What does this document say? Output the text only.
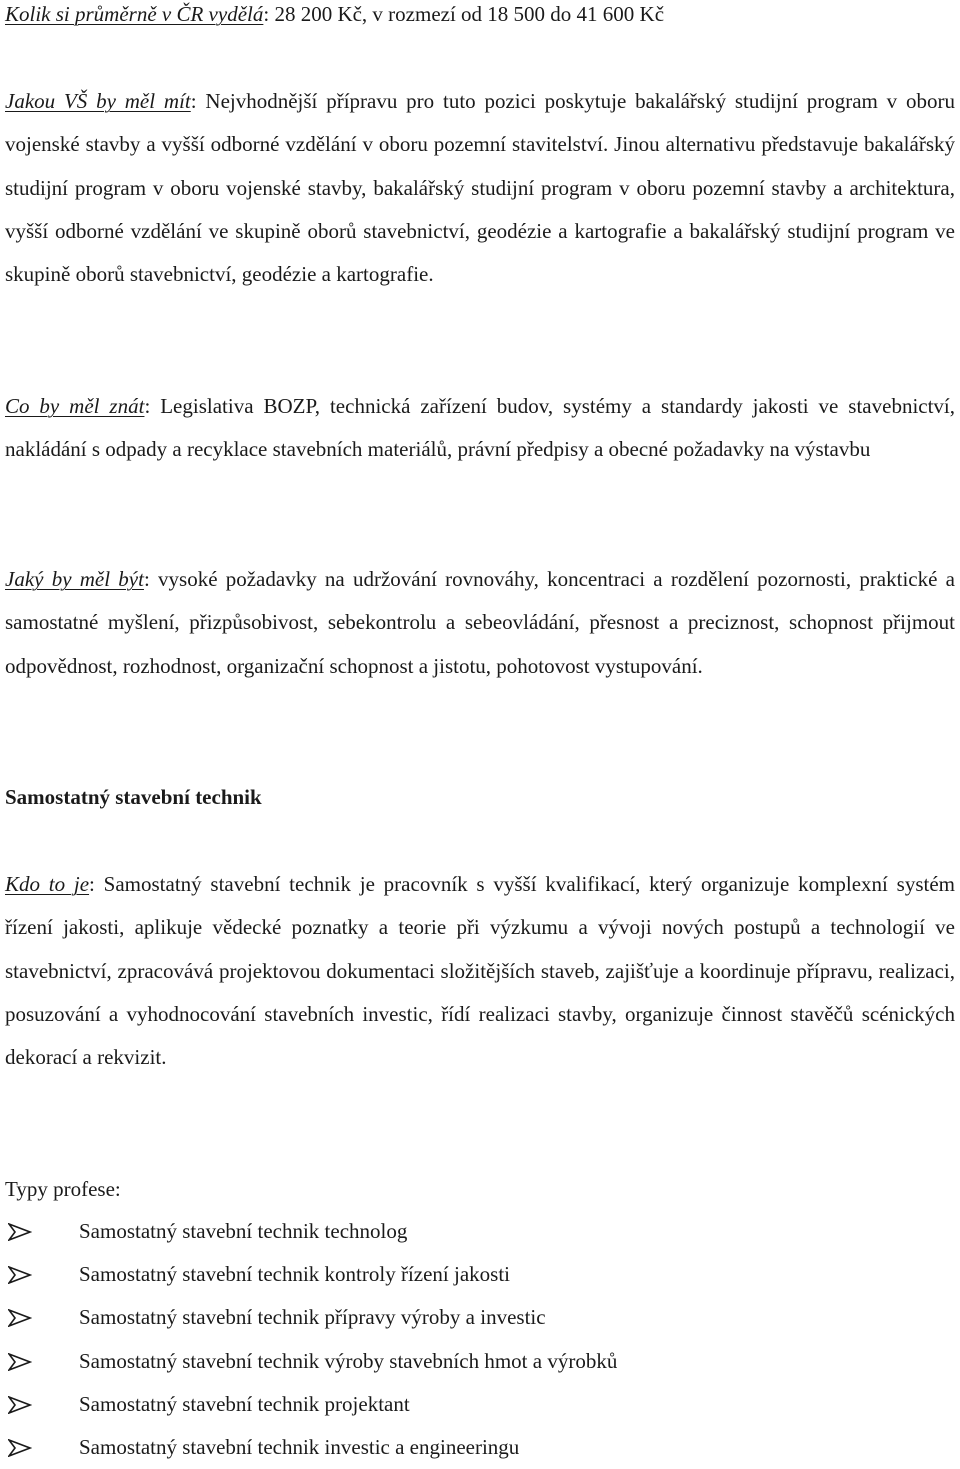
Kolik si průměrně v ČR vydělá: 28 200 Kč, v rozmezí od 18 500 do 41 600 Kč

Jakou VŠ by měl mít: Nejvhodnější přípravu pro tuto pozici poskytuje bakalářský studijní program v oboru vojenské stavby a vyšší odborné vzdělání v oboru pozemní stavitelství. Jinou alternativu představuje bakalářský studijní program v oboru vojenské stavby, bakalářský studijní program v oboru pozemní stavby a architektura, vyšší odborné vzdělání ve skupině oborů stavebnictví, geodézie a kartografie a bakalářský studijní program ve skupině oborů stavebnictví, geodézie a kartografie.

Co by měl znát: Legislativa BOZP, technická zařízení budov, systémy a standardy jakosti ve stavebnictví, nakládání s odpady a recyklace stavebních materiálů, právní předpisy a obecné požadavky na výstavbu

Jaký by měl být: vysoké požadavky na udržování rovnováhy, koncentraci a rozdělení pozornosti, praktické a samostatné myšlení, přizpůsobivost, sebekontrolu a sebeovládání, přesnost a preciznost, schopnost přijmout odpovědnost, rozhodnost, organizační schopnost a jistotu, pohotovost vystupování.

Samostatný stavební technik

Kdo to je: Samostatný stavební technik je pracovník s vyšší kvalifikací, který organizuje komplexní systém řízení jakosti, aplikuje vědecké poznatky a teorie při výzkumu a vývoji nových postupů a technologií ve stavebnictví, zpracovává projektovou dokumentaci složitějších staveb, zajišťuje a koordinuje přípravu, realizaci, posuzování a vyhodnocování stavebních investic, řídí realizaci stavby, organizuje činnost stavěčů scénických dekorací a rekvizit.

Typy profese:

Samostatný stavební technik technolog
Samostatný stavební technik kontroly řízení jakosti
Samostatný stavební technik přípravy výroby a investic
Samostatný stavební technik výroby stavebních hmot a výrobků
Samostatný stavební technik projektant
Samostatný stavební technik investic a engineeringu
